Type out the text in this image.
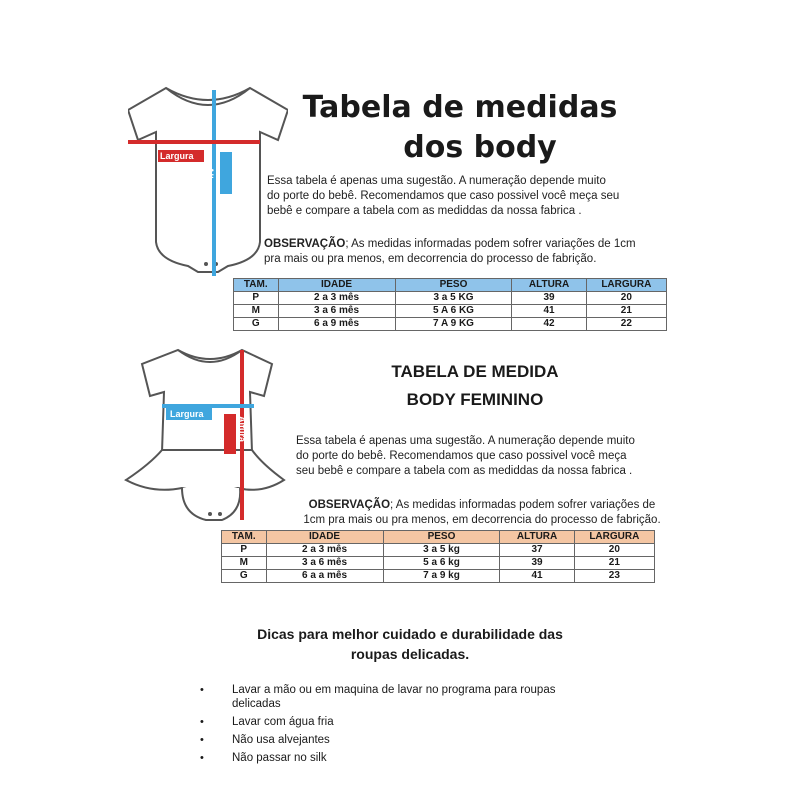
Largura
Altura
Tabela de medidas
dos body
Essa tabela é apenas uma sugestão. A numeração depende muito
do porte do bebê. Recomendamos que caso possivel você meça seu
bebê e compare a tabela com as mediddas da nossa fabrica .
OBSERVAÇÃO; As medidas informadas podem sofrer variações de 1cm
pra mais ou pra menos, em decorrencia do processo de fabrição.
TAM.	IDADE	PESO	ALTURA	LARGURA
P	2 a 3 mês	3 a 5 KG	39	20
M	3 a 6 mês	5 A 6 KG	41	21
G	6 a 9 mês	7 A 9 KG	42	22
Largura
Altura
TABELA DE MEDIDA
BODY FEMININO
Essa tabela é apenas uma sugestão. A numeração depende muito
do porte do bebê. Recomendamos que caso possivel você meça
seu bebê e compare a tabela com as mediddas da nossa fabrica .
OBSERVAÇÃO; As medidas informadas podem sofrer variações de
1cm pra mais ou pra menos, em decorrencia do processo de fabrição.
TAM.	IDADE	PESO	ALTURA	LARGURA
P	2 a 3 mês	3 a 5 kg	37	20
M	3 a 6 mês	5 a 6 kg	39	21
G	6 a a mês	7 a 9 kg	41	23
Dicas para melhor cuidado e durabilidade das
roupas delicadas.
• Lavar a mão ou em maquina de lavar no programa para roupas
delicadas
• Lavar com água fria
• Não usa alvejantes
• Não passar no silk
